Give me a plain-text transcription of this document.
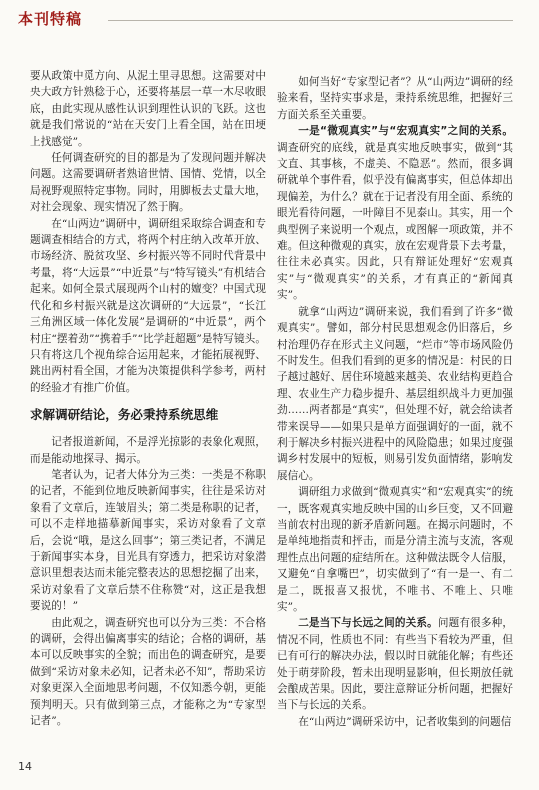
本刊特稿

要从政策中觅方向、从泥土里寻思想。这需要对中央大政方针熟稔于心，还要将基层一草一木尽收眼底，由此实现从感性认识到理性认识的飞跃。这也就是我们常说的“站在天安门上看全国，站在田埂上找感觉”。

任何调查研究的目的都是为了发现问题并解决问题。这需要调研者熟谙世情、国情、党情，以全局视野观照特定事物。同时，用脚板去丈量大地，对社会现象、现实情况了然于胸。

在“山两边”调研中，调研组采取综合调查和专题调查相结合的方式，将两个村庄纳入改革开放、市场经济、脱贫攻坚、乡村振兴等不同时代背景中考量，将“大远景”“中近景”与“特写镜头”有机结合起来。如何全景式展现两个山村的嬗变？中国式现代化和乡村振兴就是这次调研的“大远景”，“长江三角洲区域一体化发展”是调研的“中近景”，两个村庄“摆着劲”“携着手”“比学赶超题”是特写镜头。只有将这几个视角综合运用起来，才能拓展视野、跳出两村看全国，才能为决策提供科学参考，两村的经验才有推广价值。

求解调研结论，务必秉持系统思维

记者报道新闻，不是浮光掠影的表象化观照，而是能动地探寻、揭示。

笔者认为，记者大体分为三类：一类是不称职的记者，不能到位地反映新闻事实，往往是采访对象看了文章后，连皱眉头；第二类是称职的记者，可以不走样地描摹新闻事实，采访对象看了文章后，会说“哦，是这么回事”；第三类记者，不满足于新闻事实本身，目光具有穿透力，把采访对象潜意识里想表达而未能完整表达的思想挖掘了出来，采访对象看了文章后禁不住称赞“对，这正是我想要说的！”

由此观之，调查研究也可以分为三类：不合格的调研，会得出偏离事实的结论；合格的调研，基本可以反映事实的全貌；而出色的调查研究，是要做到“采访对象未必知，记者未必不知”，帮助采访对象更深入全面地思考问题，不仅知悉今朝，更能预判明天。只有做到第三点，才能称之为“专家型记者”。

如何当好“专家型记者”？从“山两边”调研的经验来看，坚持实事求是，秉持系统思维，把握好三方面关系至关重要。

一是“微观真实”与“宏观真实”之间的关系。调查研究的底线，就是真实地反映事实，做到“其文直、其事核，不虚美、不隐恶”。然而，很多调研就单个事件看，似乎没有偏离事实，但总体却出现偏差，为什么？就在于记者没有用全面、系统的眼光看待问题，一叶障目不见泰山。其实，用一个典型例子来说明一个观点，或图解一项政策，并不难。但这种微观的真实，放在宏观背景下去考量，往往未必真实。因此，只有辩证处理好“宏观真实”与“微观真实”的关系，才有真正的“新闻真实”。

就拿“山两边”调研来说，我们看到了许多“微观真实”。譬如，部分村民思想观念仍旧落后，乡村治理仍存在形式主义问题，“烂市”等市场风险仍不时发生。但我们看到的更多的情况是：村民的日子越过越好、居住环境越来越美、农业结构更趋合理、农业生产力稳步提升、基层组织战斗力更加强劲……两者都是“真实”，但处理不好，就会给读者带来误导——如果只是单方面强调好的一面，就不利于解决乡村振兴进程中的风险隐患；如果过度强调乡村发展中的短板，则易引发负面情绪，影响发展信心。

调研组力求做到“微观真实”和“宏观真实”的统一，既客观真实地反映中国的山乡巨变，又不回避当前农村出现的新矛盾新问题。在揭示问题时，不是单纯地指责和抨击，而是分清主流与支流，客观理性点出问题的症结所在。这种做法既令人信服，又避免“自拿嘴巴”，切实做到了“有一是一、有二是二，既报喜又报忧，不唯书、不唯上、只唯实”。

二是当下与长远之间的关系。问题有很多种，情况不同，性质也不同：有些当下看较为严重，但已有可行的解决办法，假以时日就能化解；有些还处于萌芽阶段，暂未出现明显影响，但长期放任就会酿成苦果。因此，要注意辩证分析问题，把握好当下与长远的关系。

在“山两边”调研采访中，记者收集到的问题信

14
